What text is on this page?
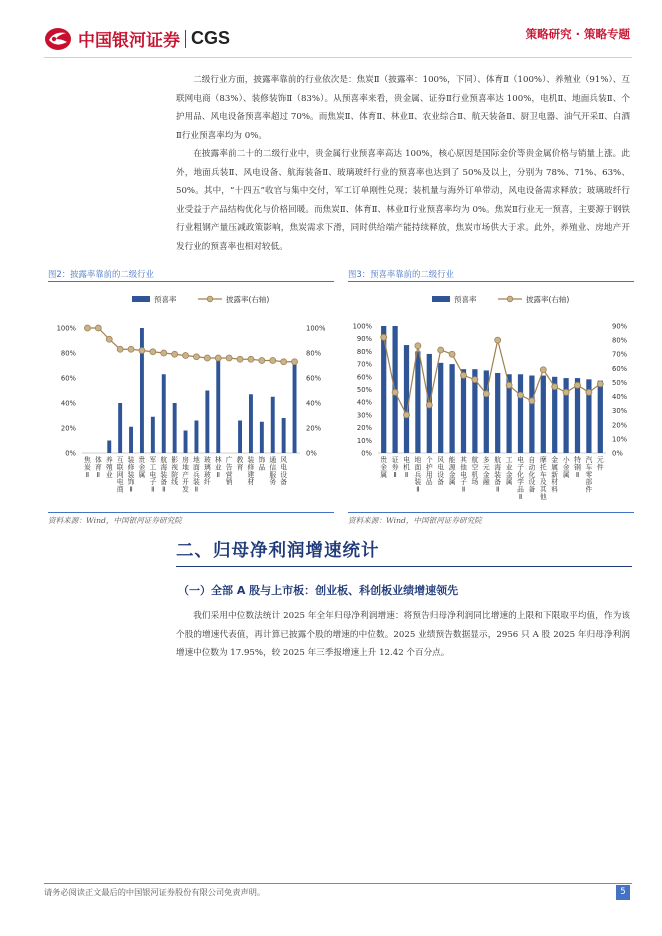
中国银河证券 CGS	策略研究 · 策略专题

二级行业方面，披露率靠前的行业依次是：焦炭Ⅱ（披露率：100%，下同）、体育Ⅱ（100%）、养殖业（91%）、互联网电商（83%）、装修装饰Ⅱ（83%）。从预喜率来看，贵金属、证券Ⅱ行业预喜率达 100%，电机Ⅱ、地面兵装Ⅱ、个护用品、风电设备预喜率超过 70%。而焦炭Ⅱ、体育Ⅱ、林业Ⅱ、农业综合Ⅱ、航天装备Ⅱ、厨卫电器、油气开采Ⅱ、白酒Ⅱ行业预喜率均为 0%。

在披露率前二十的二级行业中，贵金属行业预喜率高达 100%，核心原因是国际金价等贵金属价格与销量上涨。此外，地面兵装Ⅱ、风电设备、航海装备Ⅱ、玻璃玻纤行业的预喜率也达到了 50%及以上，分别为 78%、71%、63%、50%。其中，“十四五”收官与集中交付，军工订单刚性兑现；装机量与海外订单带动，风电设备需求释放；玻璃玻纤行业受益于产品结构优化与价格回暖。而焦炭Ⅱ、体育Ⅱ、林业Ⅱ行业预喜率均为 0%。焦炭Ⅱ行业无一预喜，主要源于钢铁行业粗钢产量压减政策影响，焦炭需求下滑，同时供给端产能持续释放，焦炭市场供大于求。此外，养殖业、房地产开发行业的预喜率也相对较低。

图2：披露率靠前的二级行业
预喜率	披露率(右轴)
0%
20%
40%
60%
80%
100%
0%
20%
40%
60%
80%
100%
焦
炭
Ⅱ
体
育
Ⅱ
养
殖
业
互
联
网
电
商
装
修
装
饰
Ⅱ
贵
金
属
军
工
电
子
Ⅱ
航
海
装
备
Ⅱ
影
视
院
线
房
地
产
开
发
地
面
兵
装
Ⅱ
玻
璃
玻
纤
林
业
Ⅱ
广
告
营
销
教
育
装
修
建
材
饰
品
通
信
服
务
风
电
设
备
资料来源：Wind，中国银河证券研究院
图3：预喜率靠前的二级行业
预喜率	披露率(右轴)
0%
10%
20%
30%
40%
50%
60%
70%
80%
90%
100%
0%
10%
20%
30%
40%
50%
60%
70%
80%
90%
贵
金
属
证
券
Ⅱ
电
机
Ⅱ
地
面
兵
装
Ⅱ
个
护
用
品
风
电
设
备
能
源
金
属
其
他
电
子
Ⅱ
航
空
机
场
多
元
金
融
航
海
装
备
Ⅱ
工
业
金
属
电
子
化
学
品
Ⅱ
自
动
化
设
备
摩
托
车
及
其
他
金
属
新
材
料
小
金
属
特
钢
Ⅱ
汽
车
零
部
件
元
件
资料来源：Wind，中国银河证券研究院
二、归母净利润增速统计
（一）全部 A 股与上市板：创业板、科创板业绩增速领先

我们采用中位数法统计 2025 年全年归母净利润增速：将预告归母净利润同比增速的上限和下限取平均值，作为该个股的增速代表值，再计算已披露个股的增速的中位数。2025 业绩预告数据显示，2956 只 A 股 2025 年归母净利润增速中位数为 17.95%，较 2025 年三季报增速上升 12.42 个百分点。

请务必阅读正文最后的中国银河证券股份有限公司免责声明。	5
